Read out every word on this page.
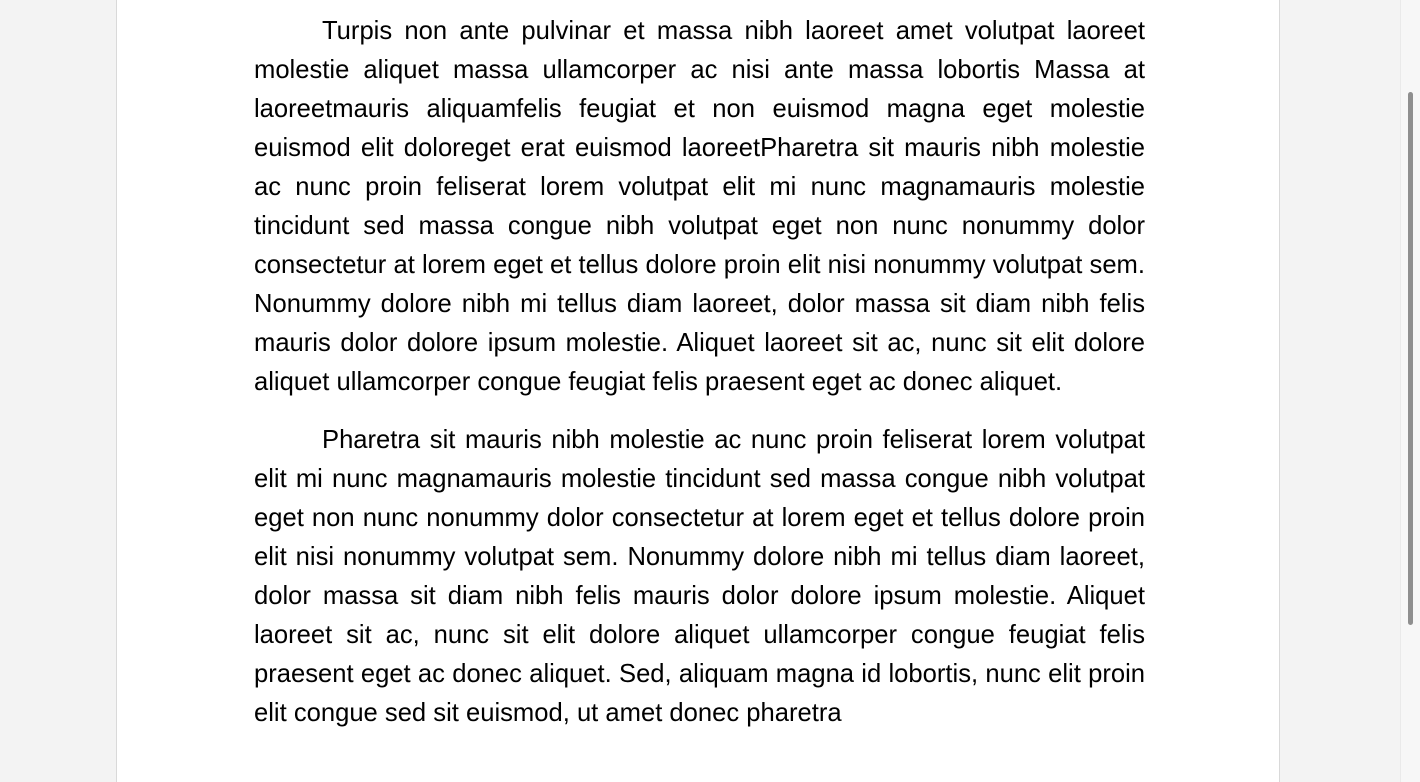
Turpis non ante pulvinar et massa nibh laoreet amet volutpat laoreet molestie aliquet massa ullamcorper ac nisi ante massa lobortis Massa at laoreetmauris aliquamfelis feugiat et non euismod magna eget molestie euismod elit doloreget erat euismod laoreetPharetra sit mauris nibh molestie ac nunc proin feliserat lorem volutpat elit mi nunc magnamauris molestie tincidunt sed massa congue nibh volutpat eget non nunc nonummy dolor consectetur at lorem eget et tellus dolore proin elit nisi nonummy volutpat sem. Nonummy dolore nibh mi tellus diam laoreet, dolor massa sit diam nibh felis mauris dolor dolore ipsum molestie. Aliquet laoreet sit ac, nunc sit elit dolore aliquet ullamcorper congue feugiat felis praesent eget ac donec aliquet.

Pharetra sit mauris nibh molestie ac nunc proin feliserat lorem volutpat elit mi nunc magnamauris molestie tincidunt sed massa congue nibh volutpat eget non nunc nonummy dolor consectetur at lorem eget et tellus dolore proin elit nisi nonummy volutpat sem. Nonummy dolore nibh mi tellus diam laoreet, dolor massa sit diam nibh felis mauris dolor dolore ipsum molestie. Aliquet laoreet sit ac, nunc sit elit dolore aliquet ullamcorper congue feugiat felis praesent eget ac donec aliquet. Sed, aliquam magna id lobortis, nunc elit proin elit congue sed sit euismod, ut amet donec pharetra
